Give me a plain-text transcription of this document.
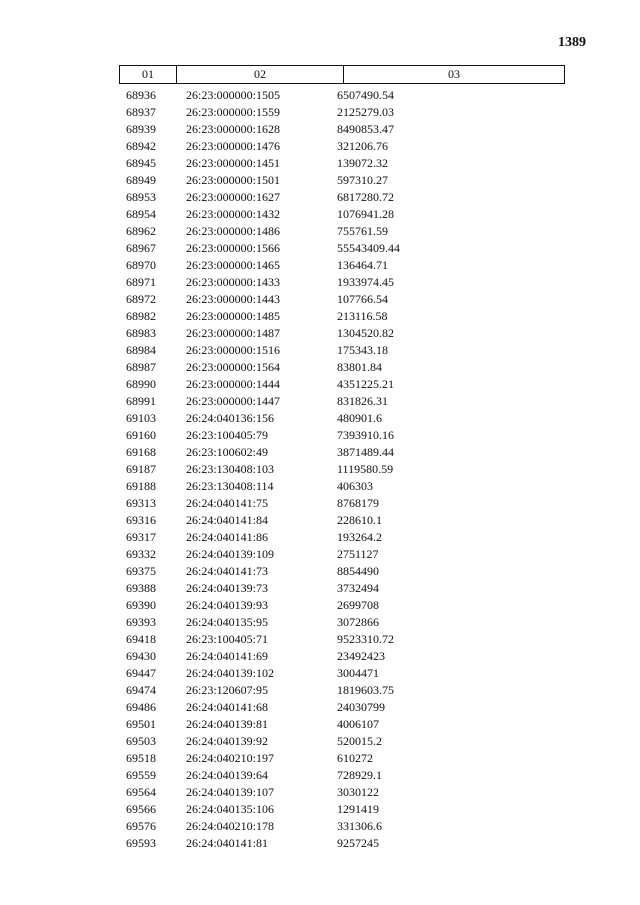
1389
01	02	03
68936	26:23:000000:1505	6507490.54
68937	26:23:000000:1559	2125279.03
68939	26:23:000000:1628	8490853.47
68942	26:23:000000:1476	321206.76
68945	26:23:000000:1451	139072.32
68949	26:23:000000:1501	597310.27
68953	26:23:000000:1627	6817280.72
68954	26:23:000000:1432	1076941.28
68962	26:23:000000:1486	755761.59
68967	26:23:000000:1566	55543409.44
68970	26:23:000000:1465	136464.71
68971	26:23:000000:1433	1933974.45
68972	26:23:000000:1443	107766.54
68982	26:23:000000:1485	213116.58
68983	26:23:000000:1487	1304520.82
68984	26:23:000000:1516	175343.18
68987	26:23:000000:1564	83801.84
68990	26:23:000000:1444	4351225.21
68991	26:23:000000:1447	831826.31
69103	26:24:040136:156	480901.6
69160	26:23:100405:79	7393910.16
69168	26:23:100602:49	3871489.44
69187	26:23:130408:103	1119580.59
69188	26:23:130408:114	406303
69313	26:24:040141:75	8768179
69316	26:24:040141:84	228610.1
69317	26:24:040141:86	193264.2
69332	26:24:040139:109	2751127
69375	26:24:040141:73	8854490
69388	26:24:040139:73	3732494
69390	26:24:040139:93	2699708
69393	26:24:040135:95	3072866
69418	26:23:100405:71	9523310.72
69430	26:24:040141:69	23492423
69447	26:24:040139:102	3004471
69474	26:23:120607:95	1819603.75
69486	26:24:040141:68	24030799
69501	26:24:040139:81	4006107
69503	26:24:040139:92	520015.2
69518	26:24:040210:197	610272
69559	26:24:040139:64	728929.1
69564	26:24:040139:107	3030122
69566	26:24:040135:106	1291419
69576	26:24:040210:178	331306.6
69593	26:24:040141:81	9257245
